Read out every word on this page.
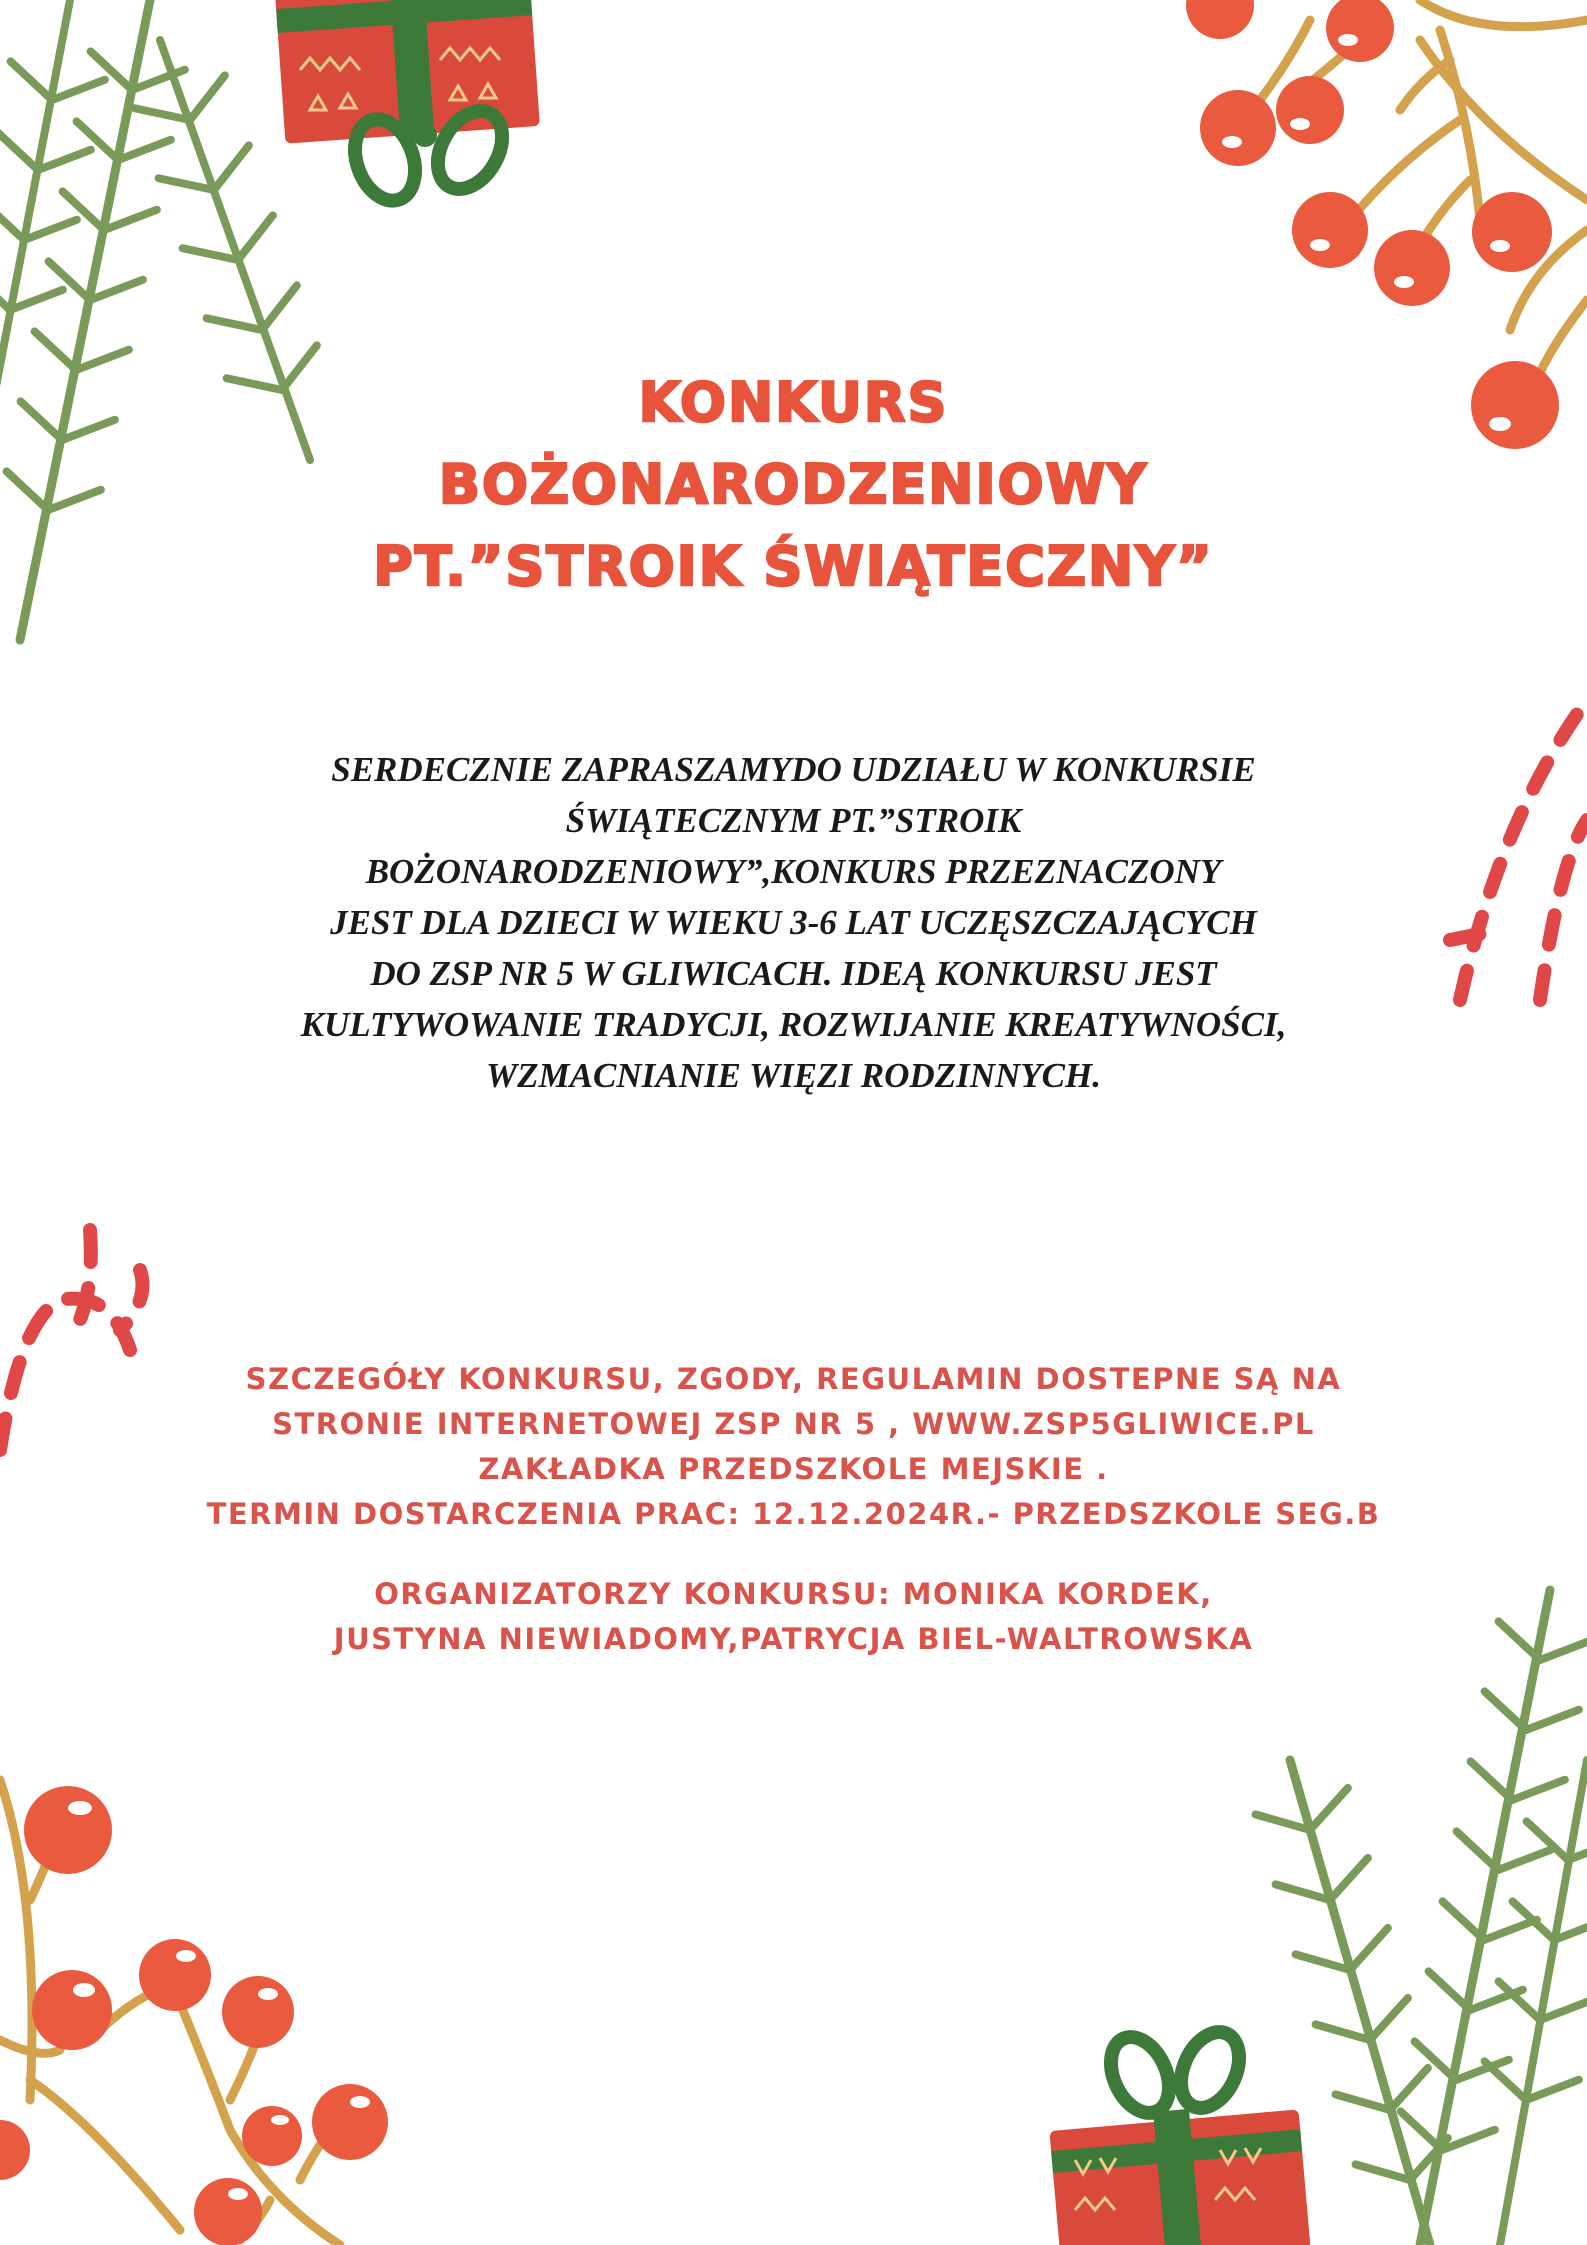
KONKURS
BOŻONARODZENIOWY
PT.”STROIK ŚWIĄTECZNY”
SERDECZNIE ZAPRASZAMYDO UDZIAŁU W KONKURSIE
ŚWIĄTECZNYM PT.”STROIK
BOŻONARODZENIOWY”,KONKURS PRZEZNACZONY
JEST DLA DZIECI W WIEKU 3-6 LAT UCZĘSZCZAJĄCYCH
DO ZSP NR 5 W GLIWICACH. IDEĄ KONKURSU JEST
KULTYWOWANIE TRADYCJI, ROZWIJANIE KREATYWNOŚCI,
WZMACNIANIE WIĘZI RODZINNYCH.
SZCZEGÓŁY KONKURSU, ZGODY, REGULAMIN DOSTEPNE SĄ NA
STRONIE INTERNETOWEJ ZSP NR 5 , WWW.ZSP5GLIWICE.PL
ZAKŁADKA PRZEDSZKOLE MEJSKIE .
TERMIN DOSTARCZENIA PRAC: 12.12.2024R.- PRZEDSZKOLE SEG.B
ORGANIZATORZY KONKURSU: MONIKA KORDEK,
JUSTYNA NIEWIADOMY,PATRYCJA BIEL-WALTROWSKA
